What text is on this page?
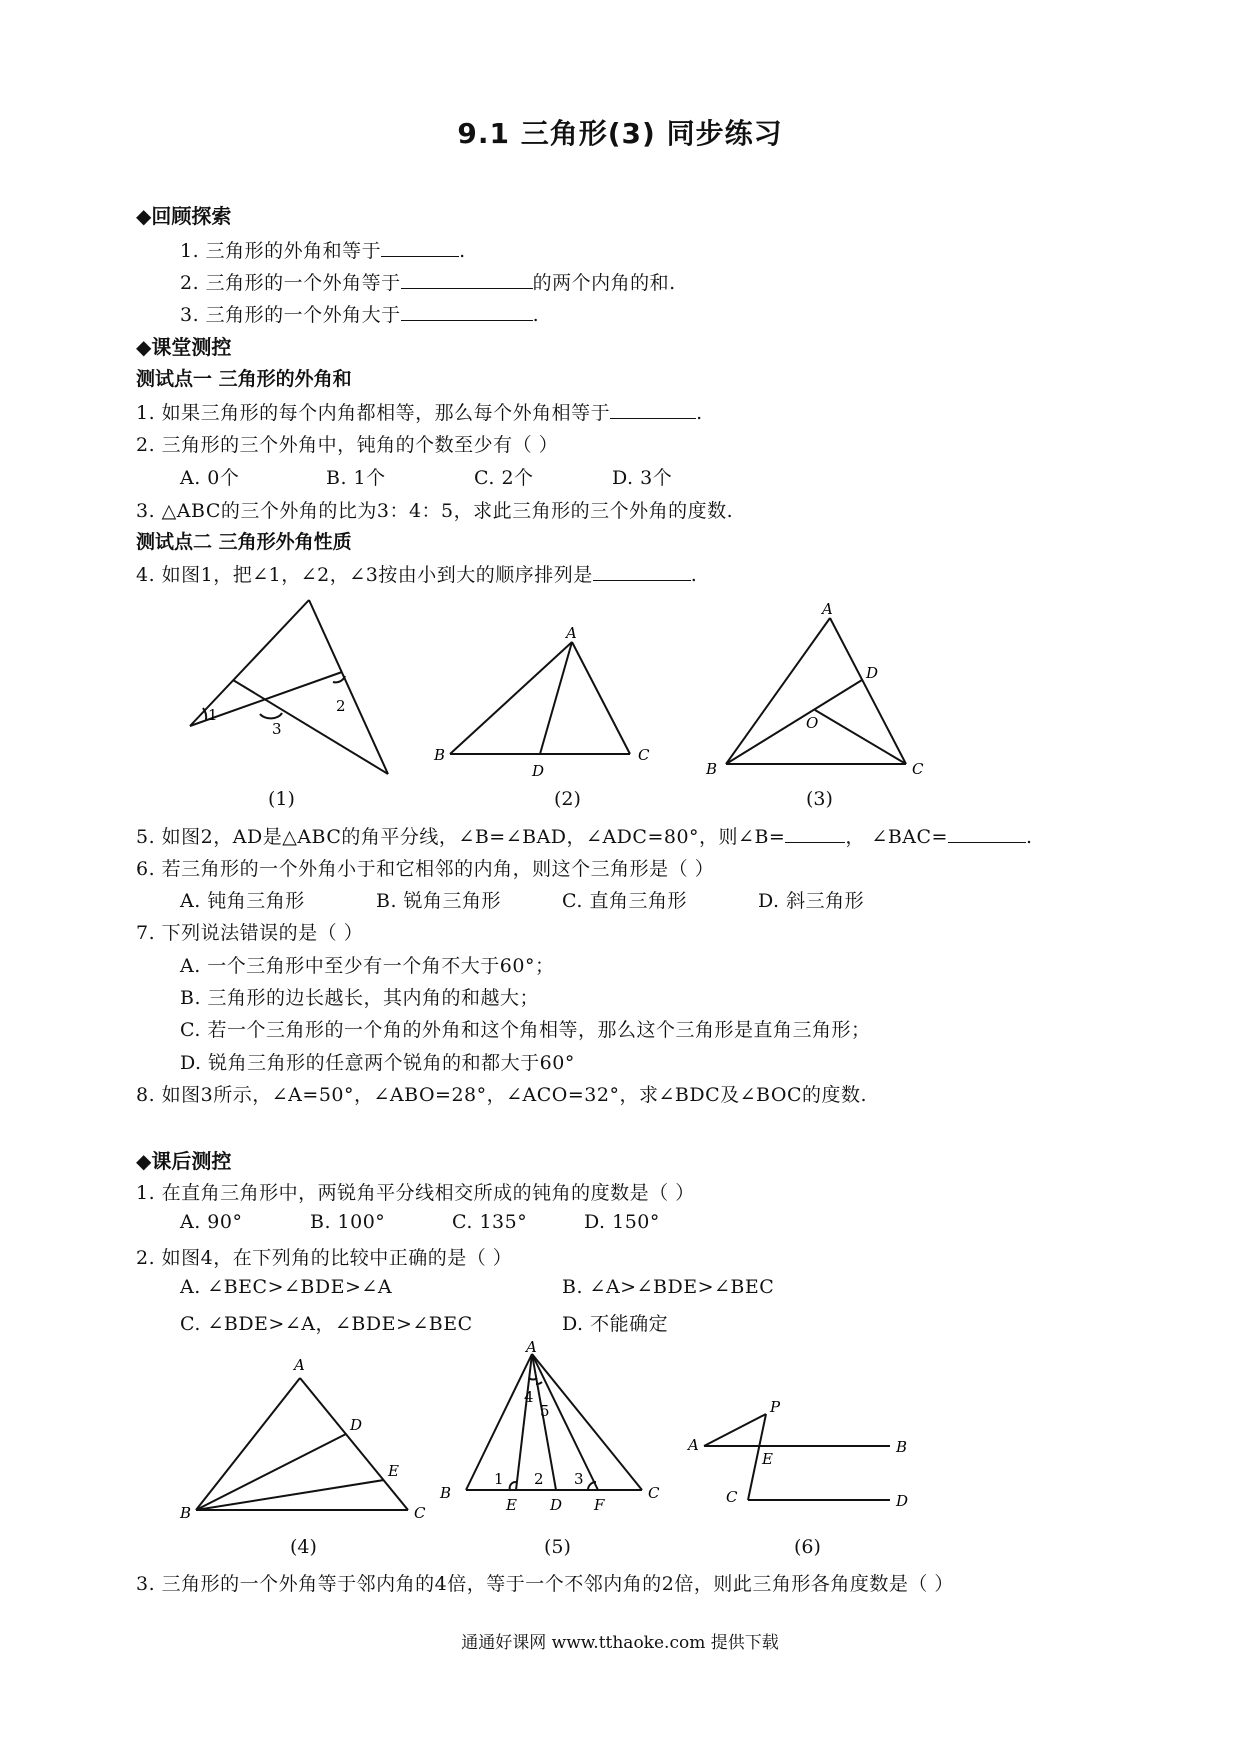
9.1 三角形(3) 同步练习
◆回顾探索
1. 三角形的外角和等于	.
2. 三角形的一个外角等于	的两个内角的和.
3. 三角形的一个外角大于	.
◆课堂测控
测试点一 三角形的外角和
1. 如果三角形的每个内角都相等，那么每个外角相等于	.
2. 三角形的三个外角中，钝角的个数至少有（ ）
A. 0个	B. 1个	C. 2个	D. 3个
3. △ABC的三个外角的比为3：4：5，求此三角形的三个外角的度数.
测试点二 三角形外角性质
4. 如图1，把∠1，∠2，∠3按由小到大的顺序排列是	.
1	2
3
A
B	C
D
A
B	C
D
O
(1)	(2)	(3)
5. 如图2，AD是△ABC的角平分线，∠B=∠BAD，∠ADC=80°，则∠B=	， ∠BAC=	.
6. 若三角形的一个外角小于和它相邻的内角，则这个三角形是（ ）
A. 钝角三角形	B. 锐角三角形	C. 直角三角形	D. 斜三角形
7. 下列说法错误的是（ ）
A. 一个三角形中至少有一个角不大于60°；
B. 三角形的边长越长，其内角的和越大；
C. 若一个三角形的一个角的外角和这个角相等，那么这个三角形是直角三角形；
D. 锐角三角形的任意两个锐角的和都大于60°
8. 如图3所示，∠A=50°，∠ABO=28°，∠ACO=32°，求∠BDC及∠BOC的度数.
◆课后测控
1. 在直角三角形中，两锐角平分线相交所成的钝角的度数是（ ）
A. 90°	B. 100°	C. 135°	D. 150°
2. 如图4，在下列角的比较中正确的是（ ）
A. ∠BEC>∠BDE>∠A	B. ∠A>∠BDE>∠BEC
C. ∠BDE>∠A，∠BDE>∠BEC	D. 不能确定
A
B	C
D
E
A
B	C
D
E	F
1 2 3
4
5
A	B
C	D
E
P
(4)	(5)	(6)
3. 三角形的一个外角等于邻内角的4倍，等于一个不邻内角的2倍，则此三角形各角度数是（ ）
通通好课网 www.tthaoke.com 提供下载
